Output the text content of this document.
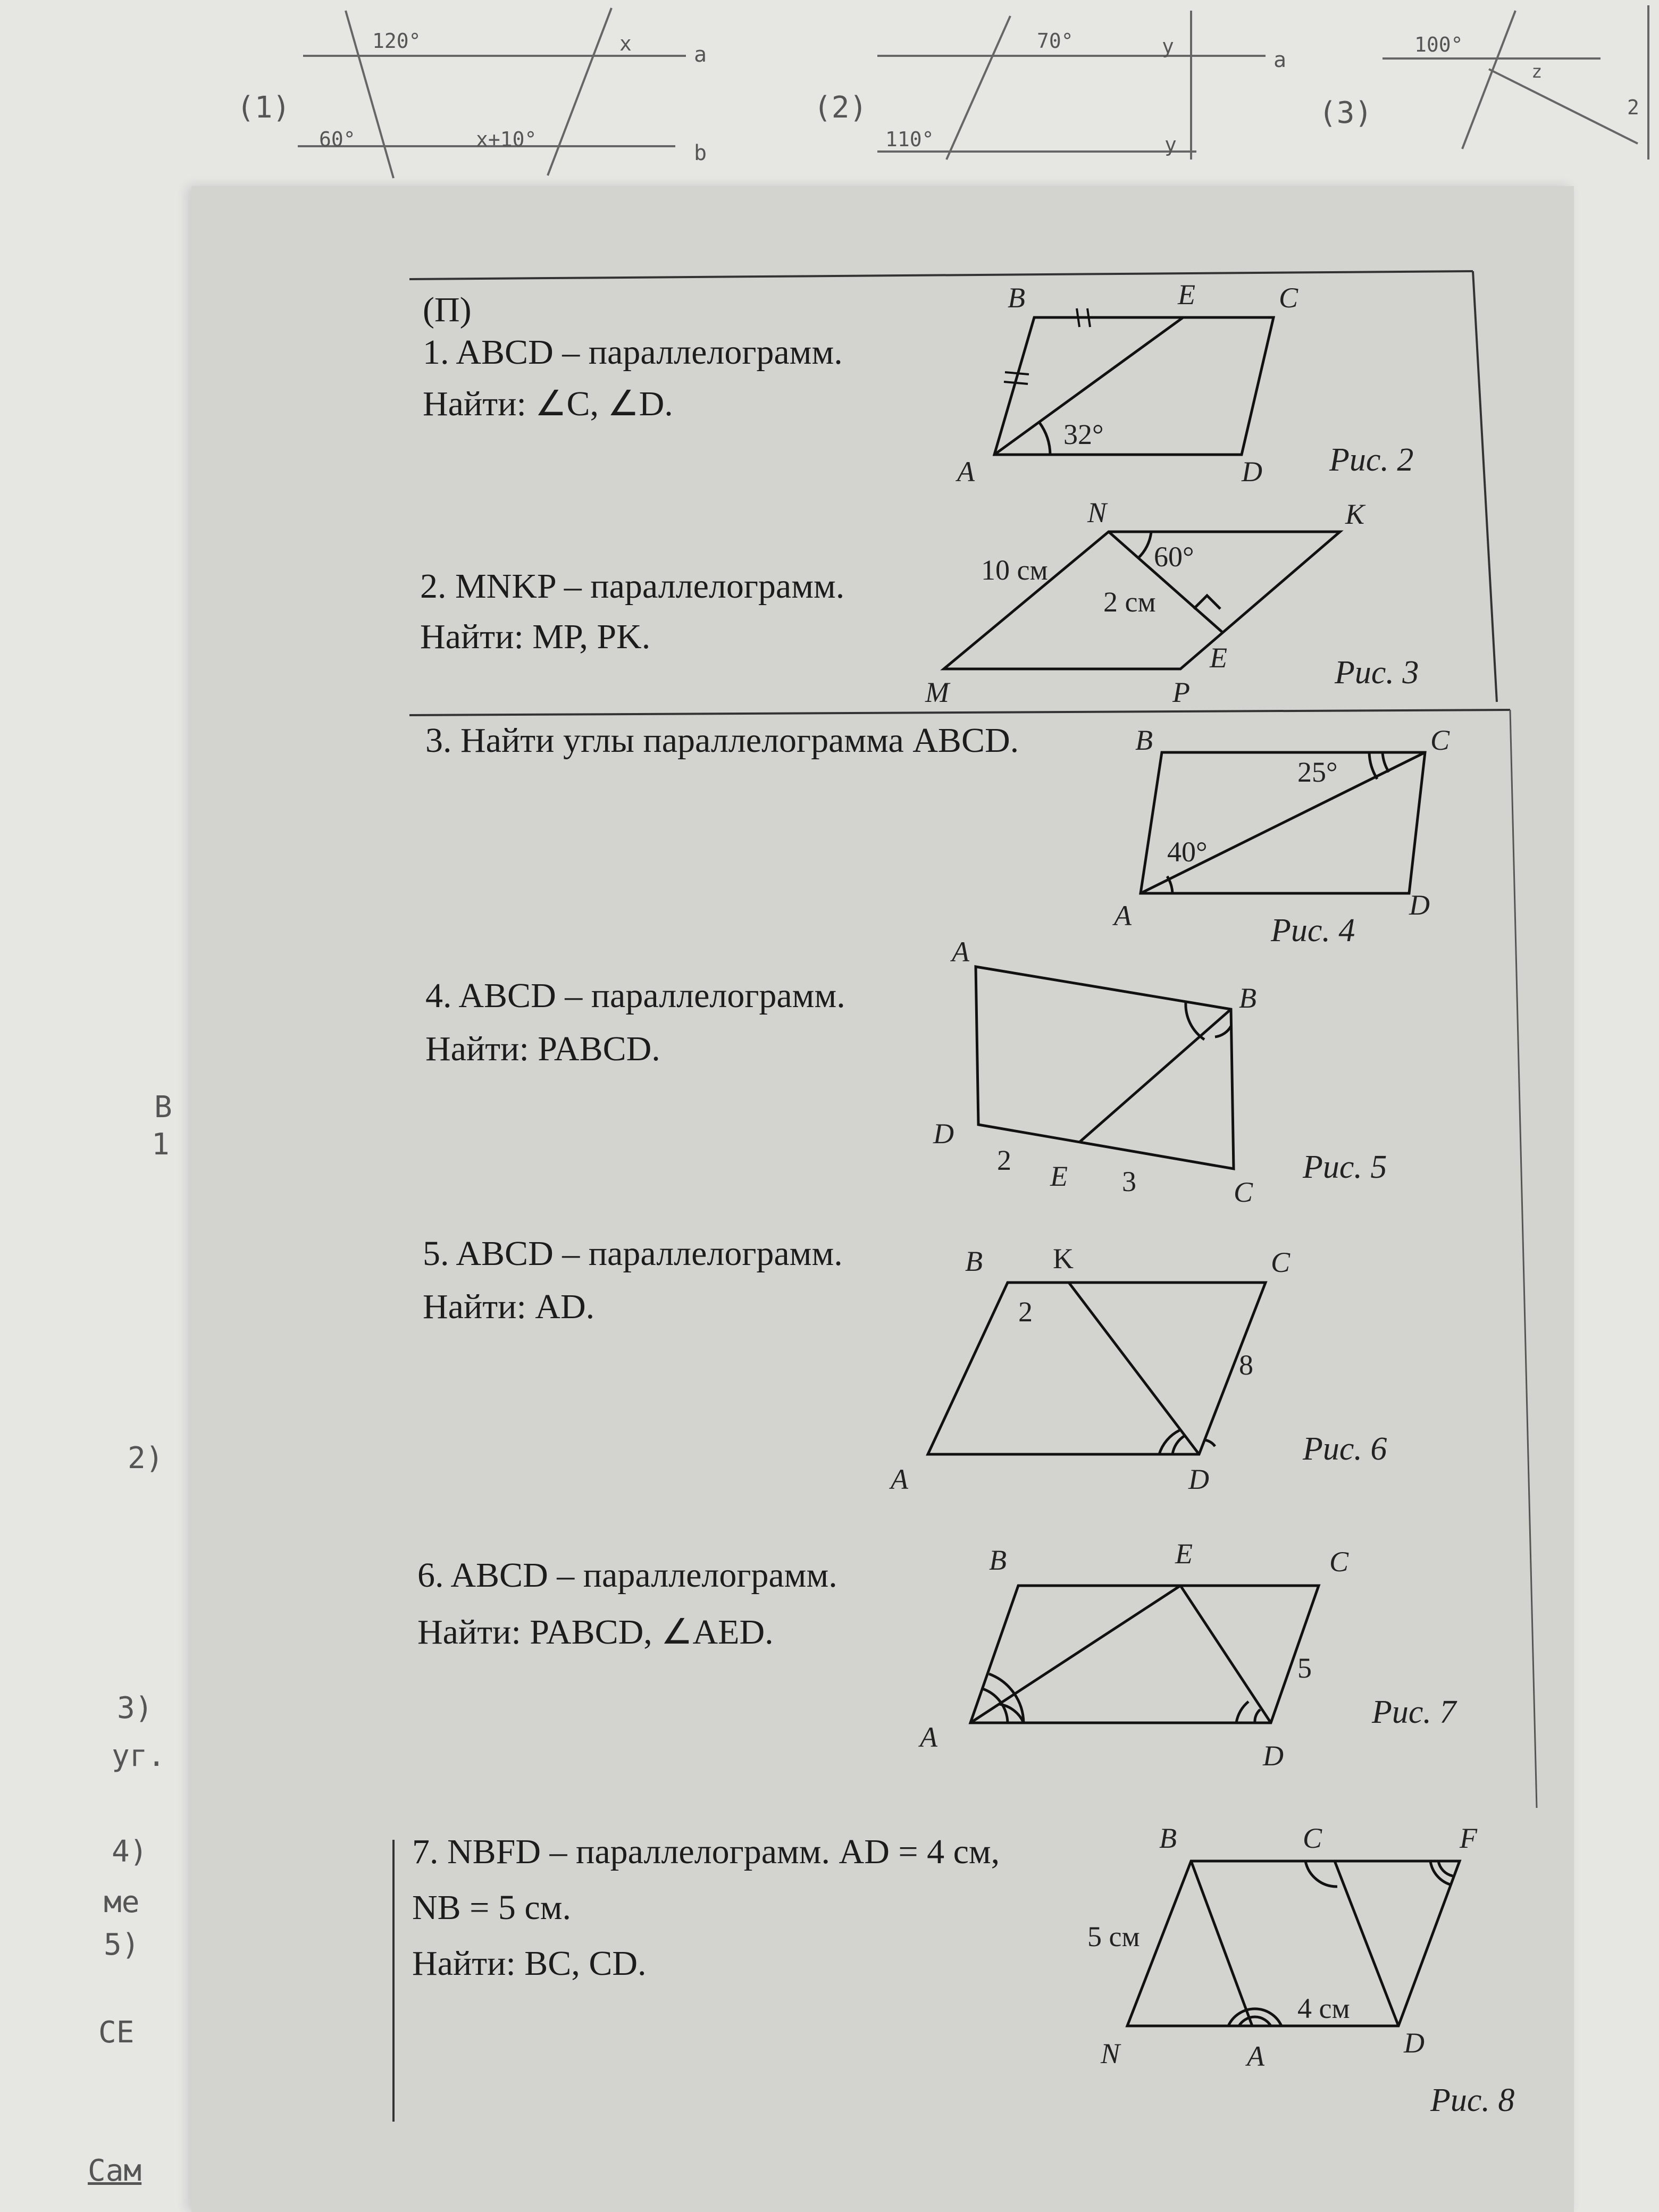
(1)
120°	x
60°	x+10°
a
b
(2)
70°	y
110°	y
a
(3)
100°
z
2
В
1
2)
3)
уг.
4)
ме
5)
СЕ
Сам
(П)
1. ABCD – параллелограмм.
Найти: ∠C, ∠D.
2. MNKP – параллелограмм.
Найти: MP, PK.
3. Найти углы параллелограмма ABCD.
4. ABCD – параллелограмм.
Найти: PABCD.
5. ABCD – параллелограмм.
Найти: AD.
6. ABCD – параллелограмм.
Найти: PABCD, ∠AED.
7. NBFD – параллелограмм. AD = 4 см,
NB = 5 см.
Найти: BC, CD.
B	E	C
A	D
32°
N	K
M	P
E
10 см
2 см
60°
B	C
A	D
25°
40°
A
B
D
E	C
2
3
B K	C
A	D
2
8
B	E	C
A
D
5
B	C	F
N	A	D
5 см
4 см
Рис. 2
Рис. 3
Рис. 4
Рис. 5
Рис. 6
Рис. 7
Рис. 8
